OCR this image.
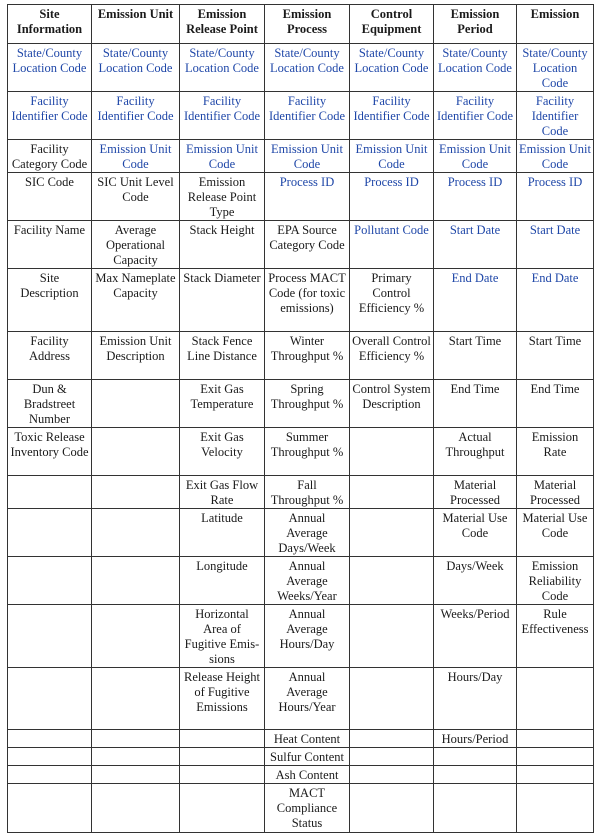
Site Information	Emission Unit	Emission Release Point	Emission Process	Control Equipment	Emission Period	Emission
State/County Location Code	State/County Location Code	State/County Location Code	State/County Location Code	State/County Location Code	State/County Location Code	State/County Location Code
Facility Identifier Code	Facility Identifier Code	Facility Identifier Code	Facility Identifier Code	Facility Identifier Code	Facility Identifier Code	Facility Identifier Code
Facility Category Code	Emission Unit Code	Emission Unit Code	Emission Unit Code	Emission Unit Code	Emission Unit Code	Emission Unit Code
SIC Code	SIC Unit Level Code	Emission Release Point Type	Process ID	Process ID	Process ID	Process ID
Facility Name	Average Operational Capacity	Stack Height	EPA Source Category Code	Pollutant Code	Start Date	Start Date
Site Description	Max Nameplate Capacity	Stack Diameter	Process MACT Code (for toxic emissions)	Primary Control Efficiency %	End Date	End Date
Facility Address	Emission Unit Description	Stack Fence Line Distance	Winter Throughput %	Overall Control Efficiency %	Start Time	Start Time
Dun & Bradstreet Number		Exit Gas Temperature	Spring Throughput %	Control System Description	End Time	End Time
Toxic Release Inventory Code		Exit Gas Velocity	Summer Throughput %		Actual Throughput	Emission Rate
		Exit Gas Flow Rate	Fall Throughput %		Material Processed	Material Processed
		Latitude	Annual Average Days/Week		Material Use Code	Material Use Code
		Longitude	Annual Average Weeks/Year		Days/Week	Emission Reliability Code
		Horizontal Area of Fugitive Emissions	Annual Average Hours/Day		Weeks/Period	Rule Effectiveness
		Release Height of Fugitive Emissions	Annual Average Hours/Year		Hours/Day	
			Heat Content		Hours/Period	
			Sulfur Content			
			Ash Content			
			MACT Compliance Status			
